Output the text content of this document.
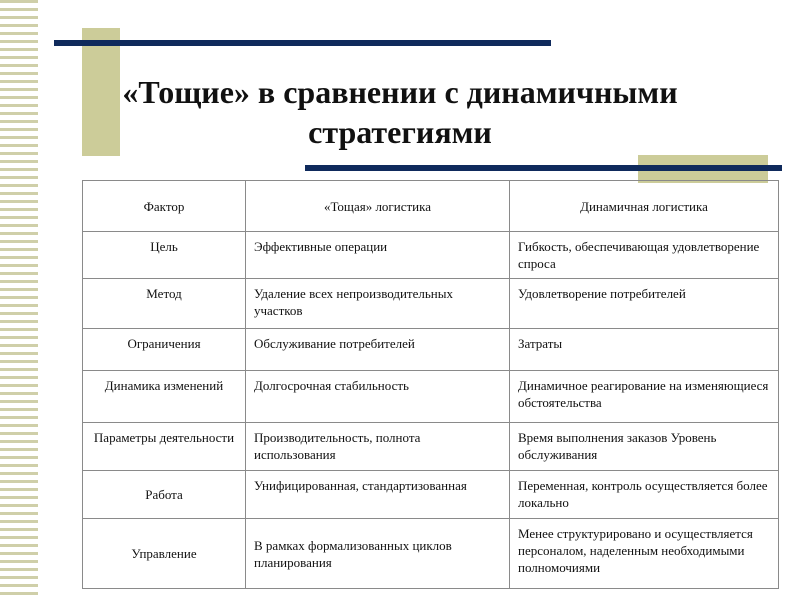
«Тощие» в сравнении с динамичными
стратегиями
Фактор	«Тощая» логистика	Динамичная логистика
Цель	Эффективные операции	Гибкость, обеспечивающая удовлетворение спроса
Метод	Удаление всех непроизводительных участков	Удовлетворение потребителей
Ограничения	Обслуживание потребителей	Затраты
Динамика изменений	Долгосрочная стабильность	Динамичное реагирование на изменяющиеся обстоятельства
Параметры деятельности	Производительность, полнота использования	Время выполнения заказов Уровень обслуживания
Работа	Унифицированная, стандартизованная	Переменная, контроль осуществляется более локально
Управление	В рамках формализованных циклов планирования	Менее структурировано и осуществляется персоналом, наделенным необходимыми полномочиями
